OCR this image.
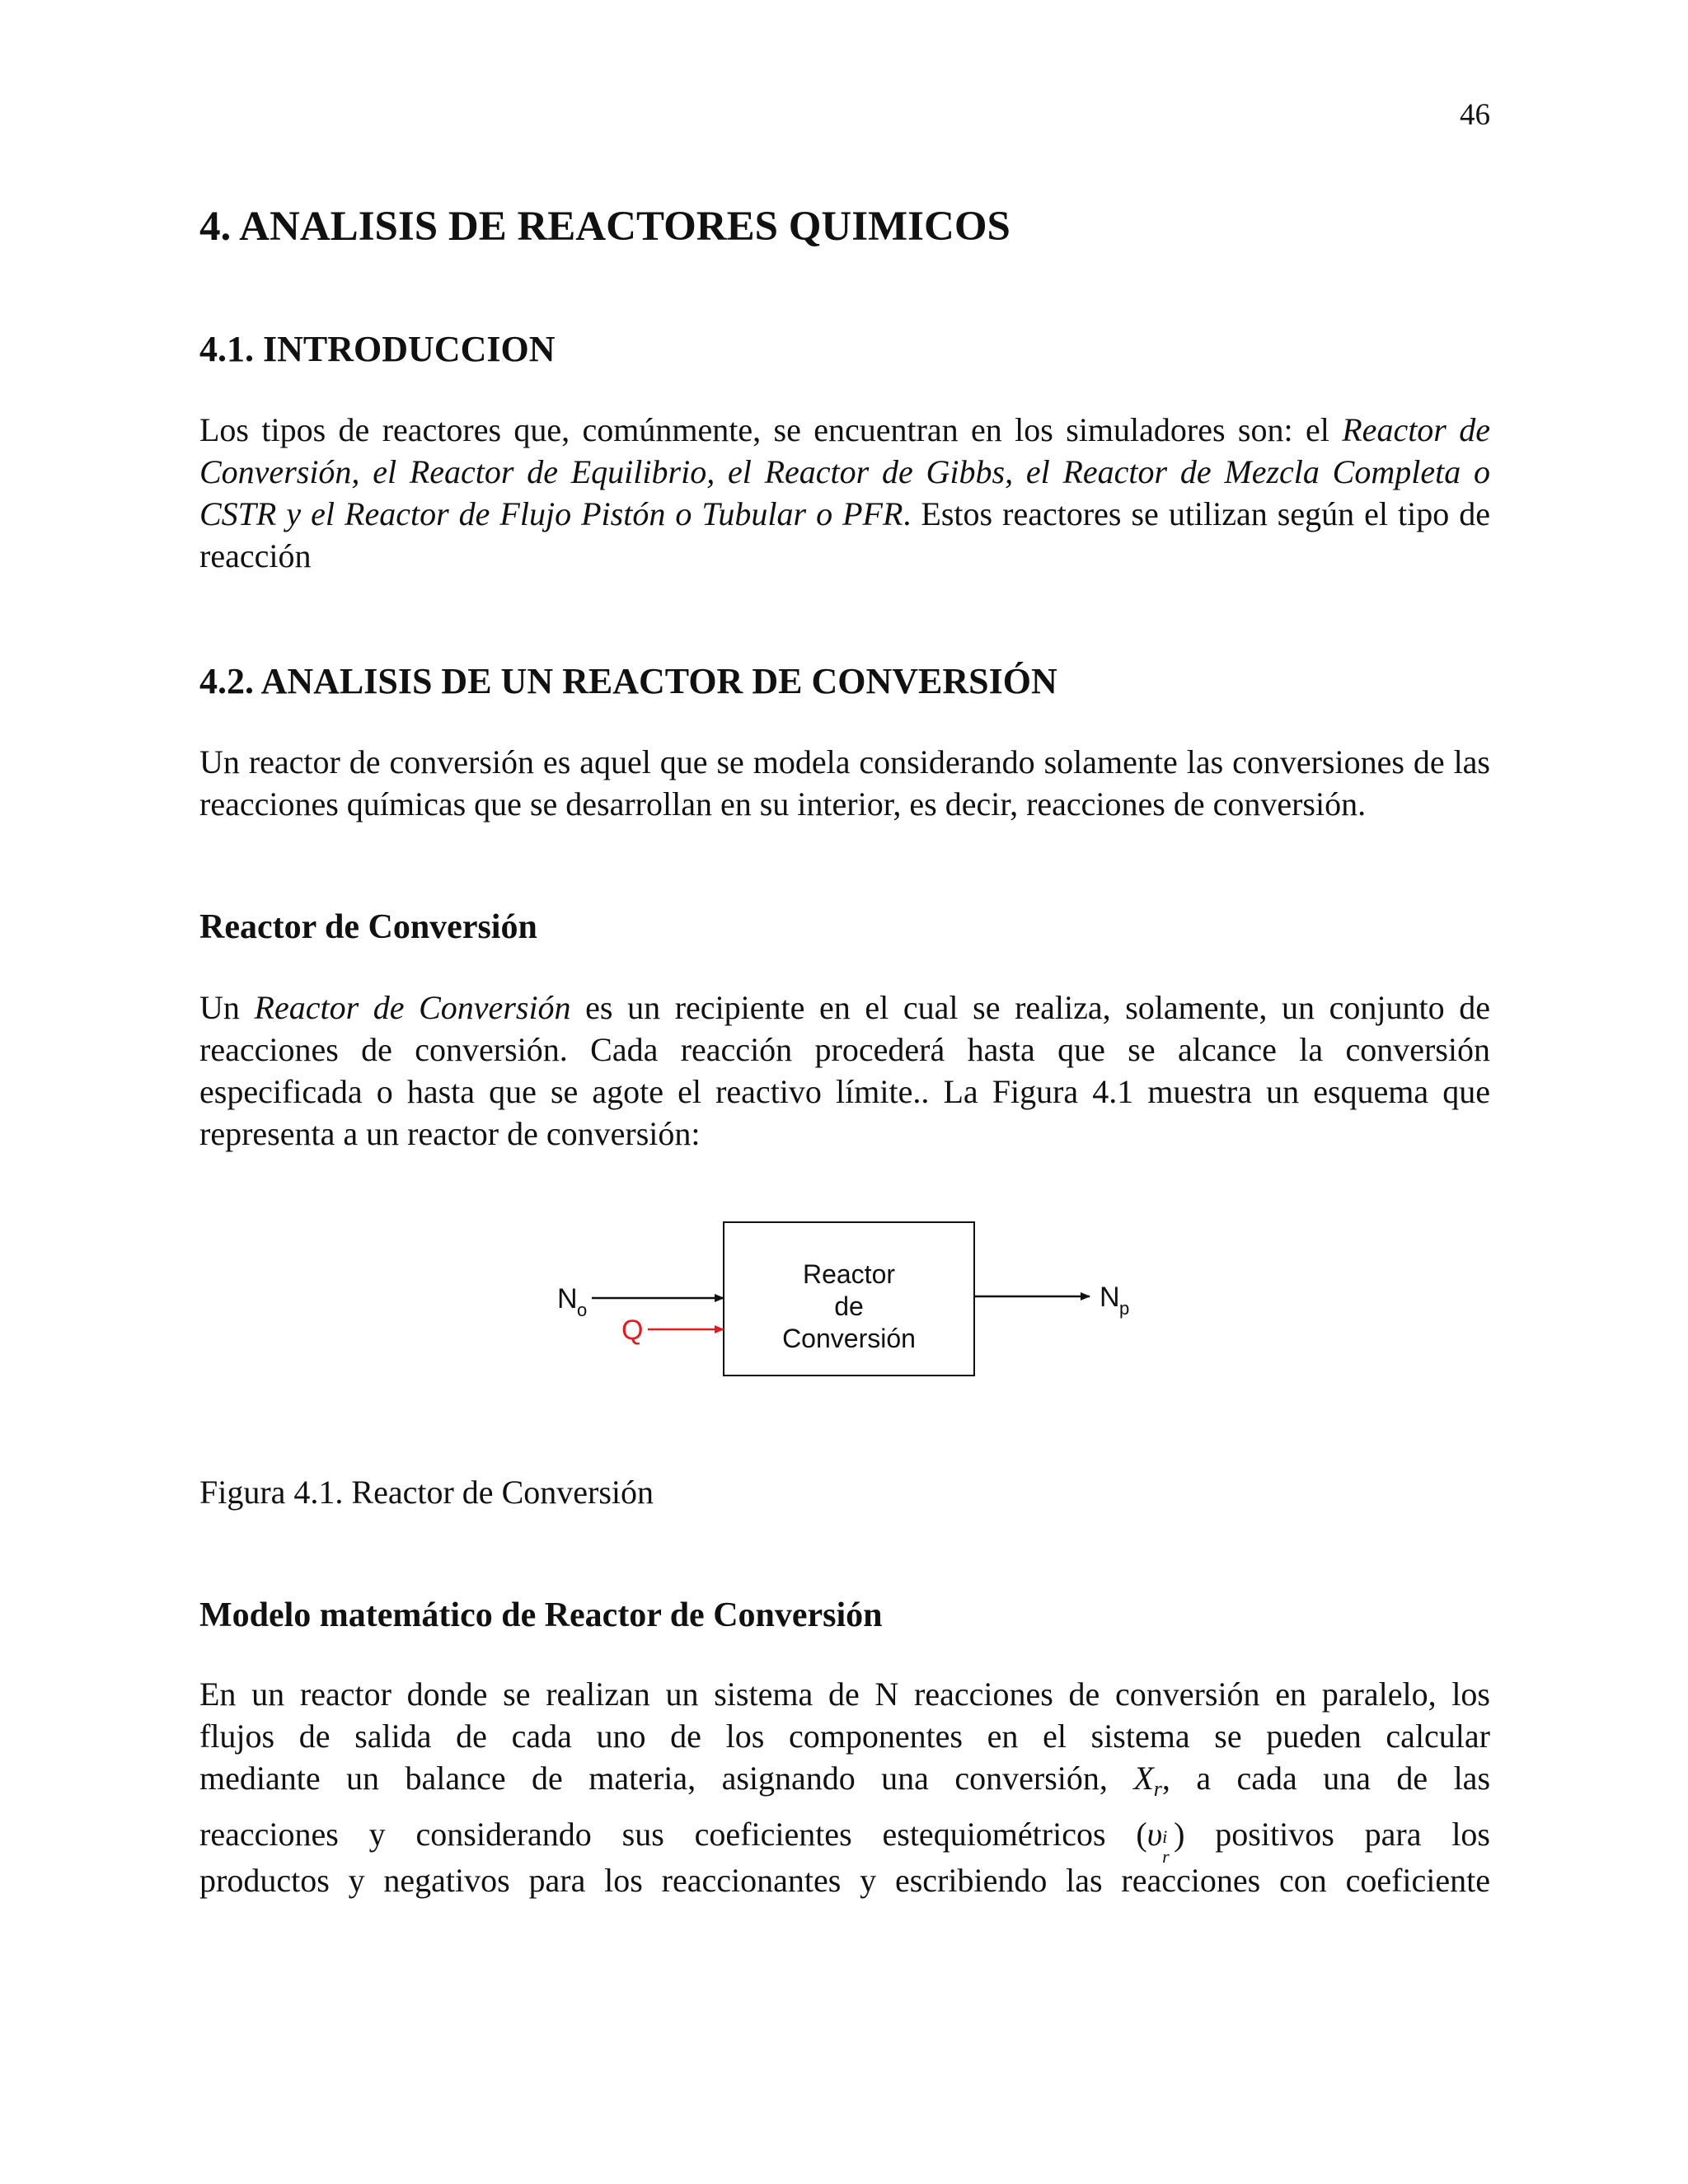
46
4. ANALISIS DE REACTORES QUIMICOS
4.1. INTRODUCCION

Los tipos de reactores que, comúnmente, se encuentran en los simuladores son: el Reactor de Conversión, el Reactor de Equilibrio, el Reactor de Gibbs, el Reactor de Mezcla Completa o CSTR y el Reactor de Flujo Pistón o Tubular o PFR. Estos reactores se utilizan según el tipo de reacción

4.2. ANALISIS DE UN REACTOR DE CONVERSIÓN

Un reactor de conversión es aquel que se modela considerando solamente las conversiones de las reacciones químicas que se desarrollan en su interior, es decir, reacciones de conversión.

Reactor de Conversión

Un Reactor de Conversión es un recipiente en el cual se realiza, solamente, un conjunto de reacciones de conversión. Cada reacción procederá hasta que se alcance la conversión especificada o hasta que se agote el reactivo límite.. La Figura 4.1 muestra un esquema que representa a un reactor de conversión:

Reactor
de
Conversión
N o
Q
N p

Figura 4.1. Reactor de Conversión

Modelo matemático de Reactor de Conversión

En un reactor donde se realizan un sistema de N reacciones de conversión en paralelo, los

flujos de salida de cada uno de los componentes en el sistema se pueden calcular

mediante un balance de materia, asignando una conversión, $X_r$, a cada una de las

reacciones y considerando sus coeficientes estequiométricos (υ i
r
) positivos para los

productos y negativos para los reaccionantes y escribiendo las reacciones con coeficiente
